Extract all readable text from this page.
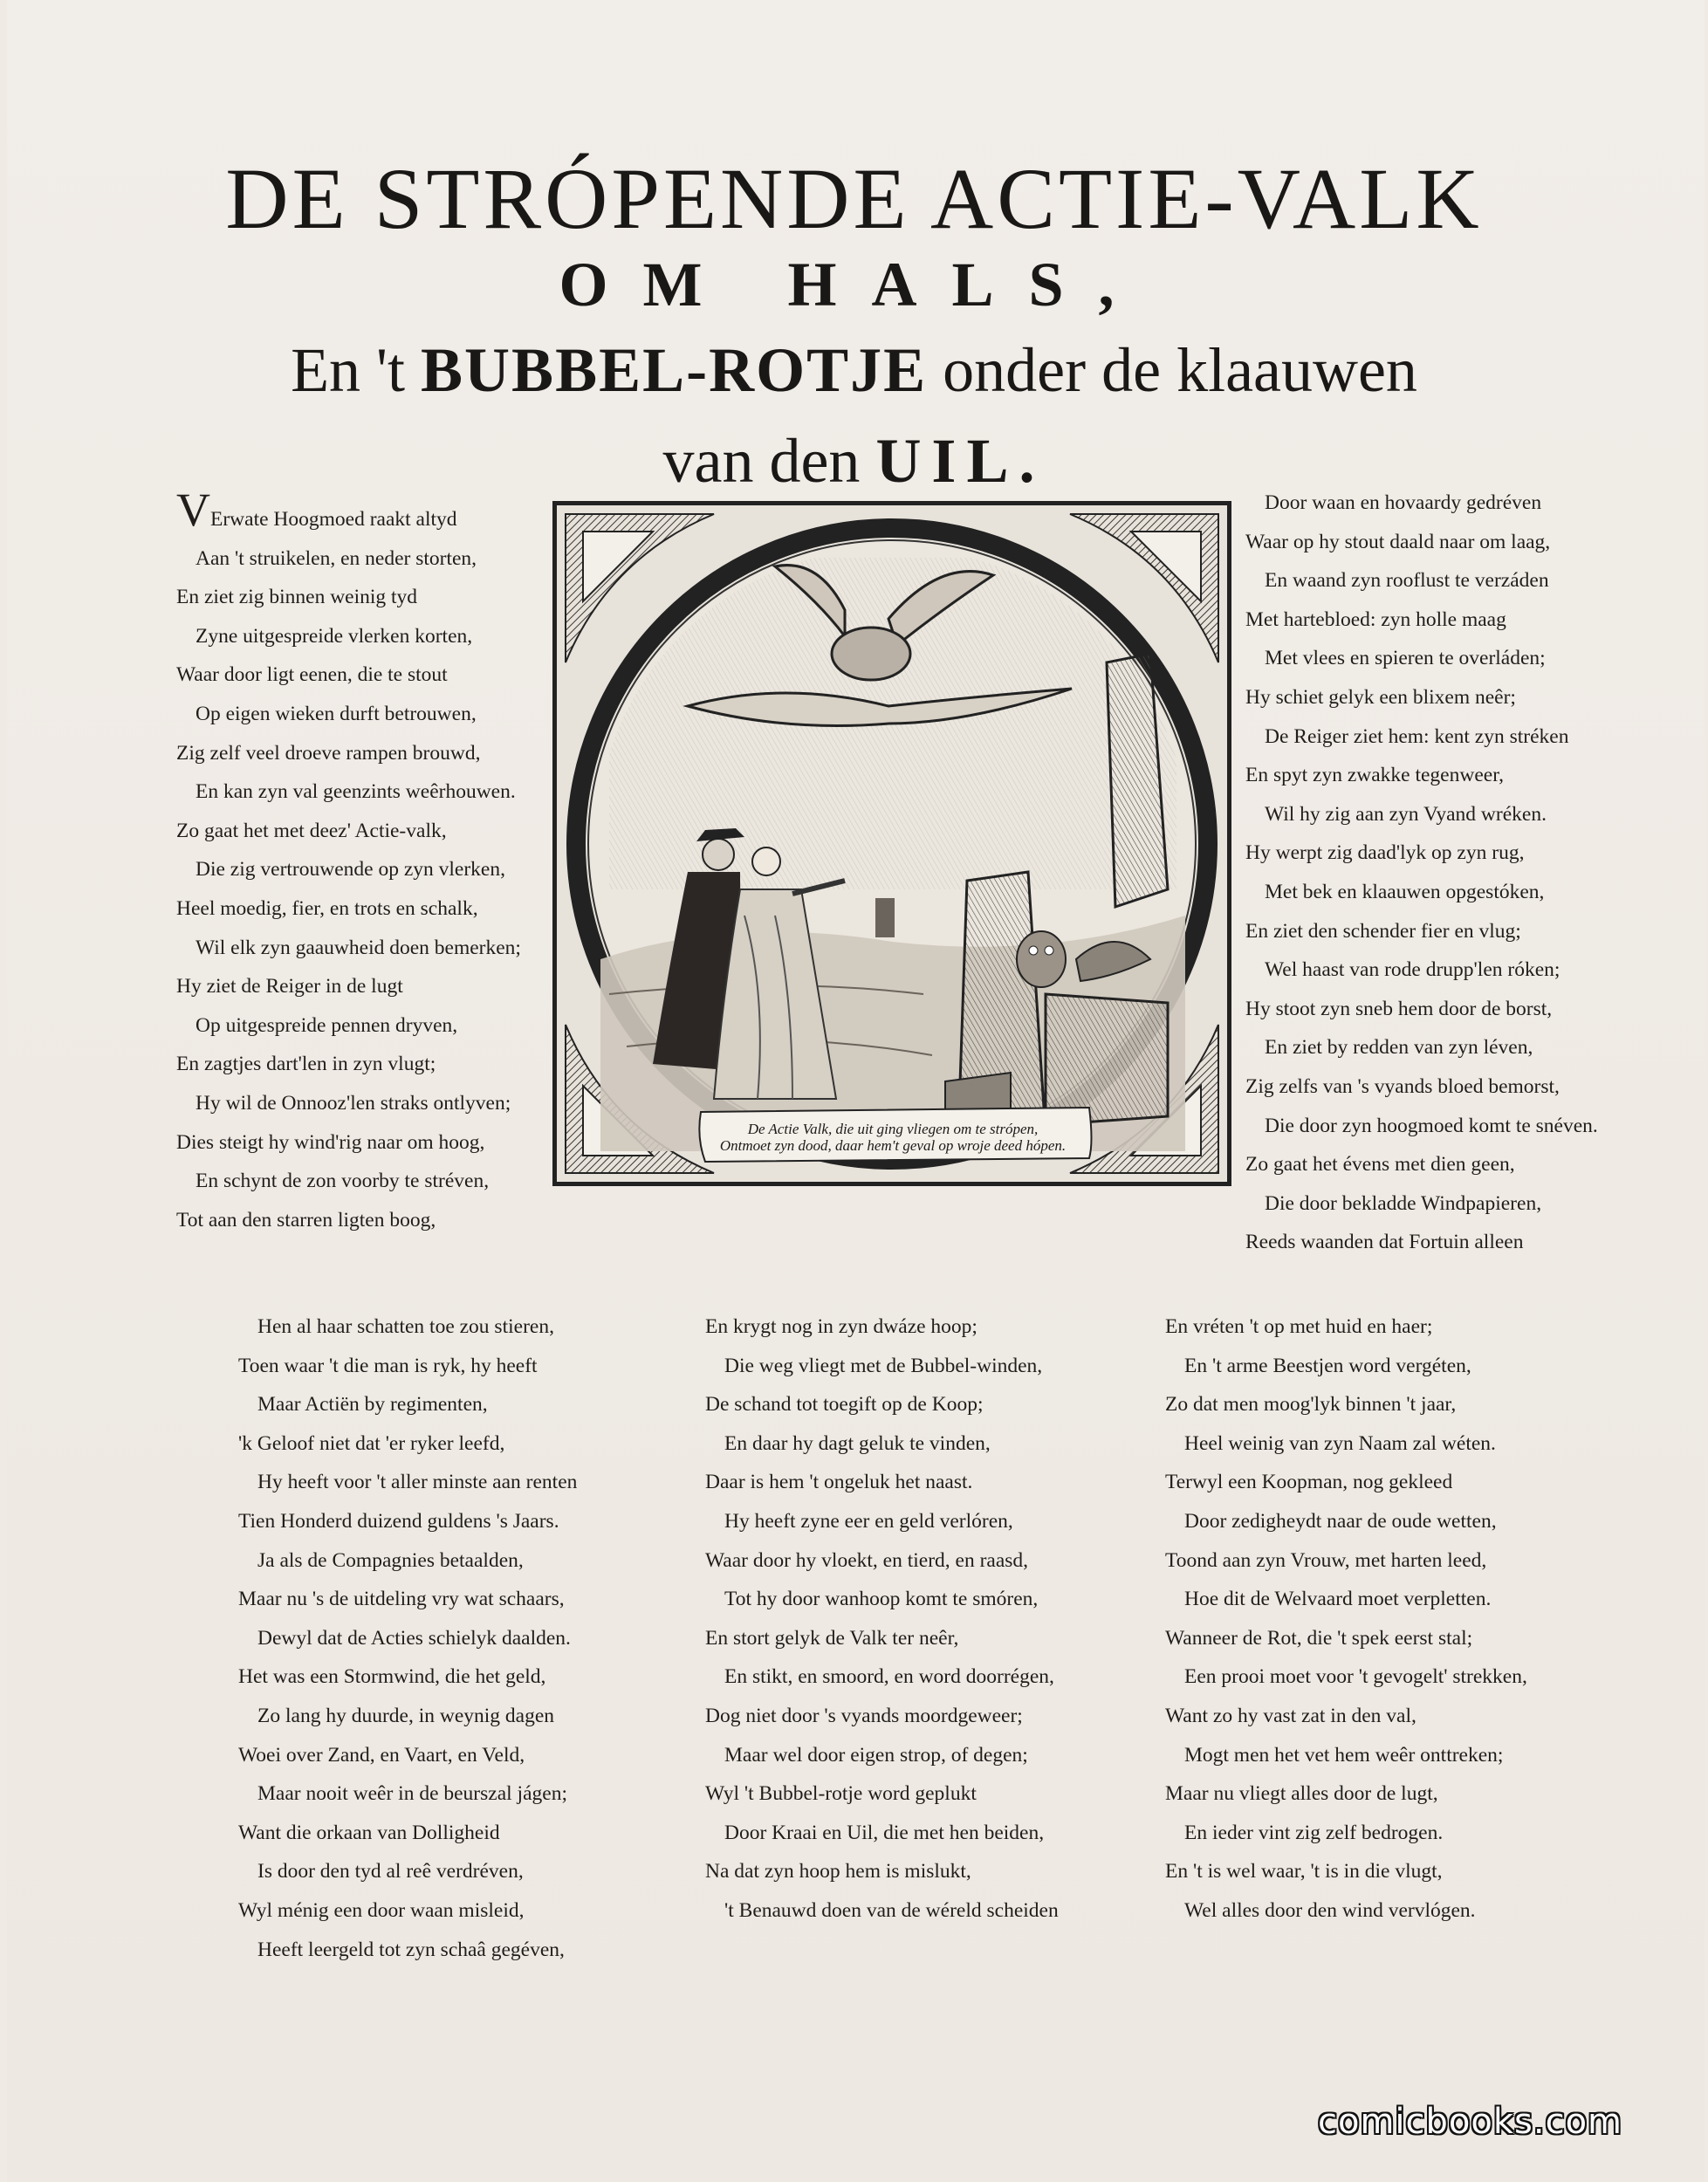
DE STRÓPENDE ACTIE-VALK
OM HALS,
En 't BUBBEL-ROTJE onder de klaauwen
van den UIL.
VErwate Hoogmoed raakt altyd
Aan 't struikelen, en neder storten,
En ziet zig binnen weinig tyd
Zyne uitgespreide vlerken korten,
Waar door ligt eenen, die te stout
Op eigen wieken durft betrouwen,
Zig zelf veel droeve rampen brouwd,
En kan zyn val geenzints weêrhouwen.
Zo gaat het met deez' Actie-valk,
Die zig vertrouwende op zyn vlerken,
Heel moedig, fier, en trots en schalk,
Wil elk zyn gaauwheid doen bemerken;
Hy ziet de Reiger in de lugt
Op uitgespreide pennen dryven,
En zagtjes dart'len in zyn vlugt;
Hy wil de Onnooz'len straks ontlyven;
Dies steigt hy wind'rig naar om hoog,
En schynt de zon voorby te stréven,
Tot aan den starren ligten boog,
De Actie Valk, die uit ging vliegen om te strópen,
Ontmoet zyn dood, daar hem't geval op wroje deed hópen.
Door waan en hovaardy gedréven
Waar op hy stout daald naar om laag,
En waand zyn rooflust te verzáden
Met hartebloed: zyn holle maag
Met vlees en spieren te overláden;
Hy schiet gelyk een blixem neêr;
De Reiger ziet hem: kent zyn stréken
En spyt zyn zwakke tegenweer,
Wil hy zig aan zyn Vyand wréken.
Hy werpt zig daad'lyk op zyn rug,
Met bek en klaauwen opgestóken,
En ziet den schender fier en vlug;
Wel haast van rode drupp'len róken;
Hy stoot zyn sneb hem door de borst,
En ziet by redden van zyn léven,
Zig zelfs van 's vyands bloed bemorst,
Die door zyn hoogmoed komt te snéven.
Zo gaat het évens met dien geen,
Die door bekladde Windpapieren,
Reeds waanden dat Fortuin alleen
Hen al haar schatten toe zou stieren,
Toen waar 't die man is ryk, hy heeft
Maar Actiën by regimenten,
'k Geloof niet dat 'er ryker leefd,
Hy heeft voor 't aller minste aan renten
Tien Honderd duizend guldens 's Jaars.
Ja als de Compagnies betaalden,
Maar nu 's de uitdeling vry wat schaars,
Dewyl dat de Acties schielyk daalden.
Het was een Stormwind, die het geld,
Zo lang hy duurde, in weynig dagen
Woei over Zand, en Vaart, en Veld,
Maar nooit weêr in de beurszal jágen;
Want die orkaan van Dolligheid
Is door den tyd al reê verdréven,
Wyl ménig een door waan misleid,
Heeft leergeld tot zyn schaâ gegéven,
En krygt nog in zyn dwáze hoop;
Die weg vliegt met de Bubbel-winden,
De schand tot toegift op de Koop;
En daar hy dagt geluk te vinden,
Daar is hem 't ongeluk het naast.
Hy heeft zyne eer en geld verlóren,
Waar door hy vloekt, en tierd, en raasd,
Tot hy door wanhoop komt te smóren,
En stort gelyk de Valk ter neêr,
En stikt, en smoord, en word doorrégen,
Dog niet door 's vyands moordgeweer;
Maar wel door eigen strop, of degen;
Wyl 't Bubbel-rotje word geplukt
Door Kraai en Uil, die met hen beiden,
Na dat zyn hoop hem is mislukt,
't Benauwd doen van de wéreld scheiden
En vréten 't op met huid en haer;
En 't arme Beestjen word vergéten,
Zo dat men moog'lyk binnen 't jaar,
Heel weinig van zyn Naam zal wéten.
Terwyl een Koopman, nog gekleed
Door zedigheydt naar de oude wetten,
Toond aan zyn Vrouw, met harten leed,
Hoe dit de Welvaard moet verpletten.
Wanneer de Rot, die 't spek eerst stal;
Een prooi moet voor 't gevogelt' strekken,
Want zo hy vast zat in den val,
Mogt men het vet hem weêr onttreken;
Maar nu vliegt alles door de lugt,
En ieder vint zig zelf bedrogen.
En 't is wel waar, 't is in die vlugt,
Wel alles door den wind vervlógen.
comicbooks.com
